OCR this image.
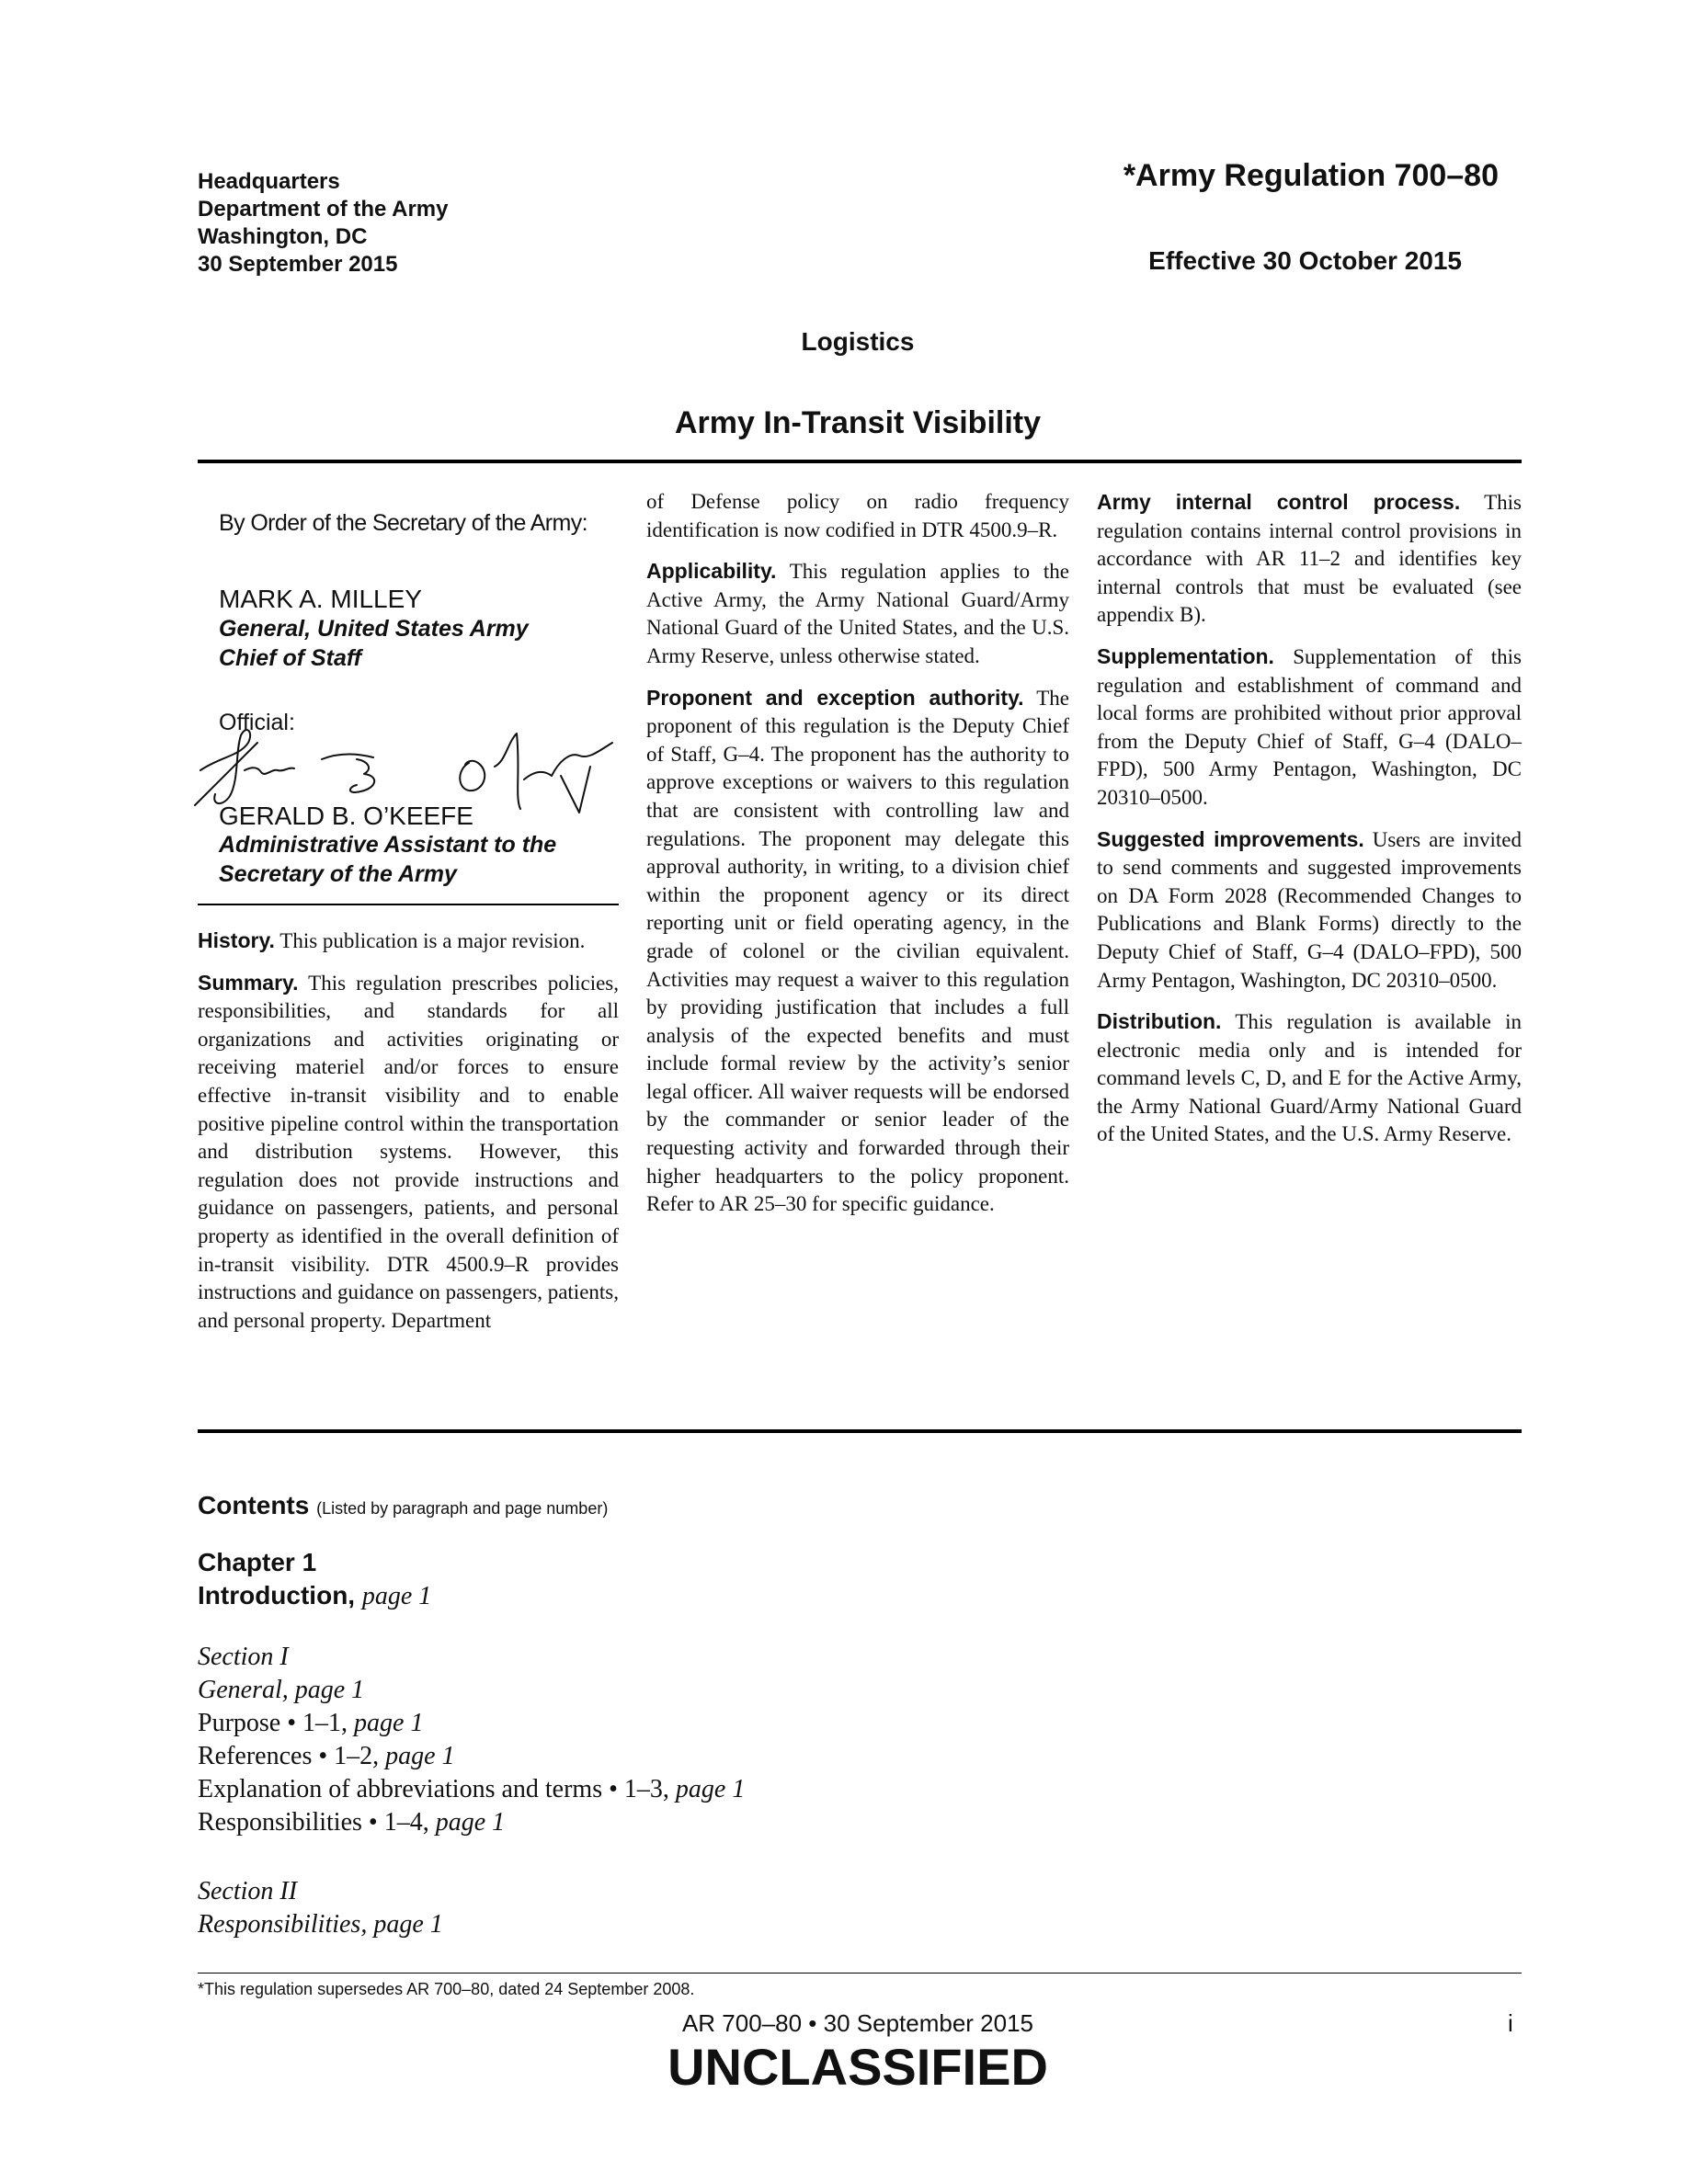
Headquarters
Department of the Army
Washington, DC
30 September 2015
*Army Regulation 700–80
Effective 30 October 2015
Logistics
Army In-Transit Visibility
By Order of the Secretary of the Army:
MARK A. MILLEY
General, United States Army
Chief of Staff
Official:
GERALD B. O’KEEFE
Administrative Assistant to the
Secretary of the Army

History. This publication is a major revision.

Summary. This regulation prescribes policies, responsibilities, and standards for all organizations and activities originating or receiving materiel and/or forces to ensure effective in-transit visibility and to enable positive pipeline control within the transportation and distribution systems. However, this regulation does not provide instructions and guidance on passengers, patients, and personal property as identified in the overall definition of in-transit visibility. DTR 4500.9–R provides instructions and guidance on passengers, patients, and personal property. Department

of Defense policy on radio frequency identification is now codified in DTR 4500.9–R.

Applicability. This regulation applies to the Active Army, the Army National Guard/Army National Guard of the United States, and the U.S. Army Reserve, unless otherwise stated.

Proponent and exception authority. The proponent of this regulation is the Deputy Chief of Staff, G–4. The proponent has the authority to approve exceptions or waivers to this regulation that are consistent with controlling law and regulations. The proponent may delegate this approval authority, in writing, to a division chief within the proponent agency or its direct reporting unit or field operating agency, in the grade of colonel or the civilian equivalent. Activities may request a waiver to this regulation by providing justification that includes a full analysis of the expected benefits and must include formal review by the activity’s senior legal officer. All waiver requests will be endorsed by the commander or senior leader of the requesting activity and forwarded through their higher headquarters to the policy proponent. Refer to AR 25–30 for specific guidance.

Army internal control process. This regulation contains internal control provisions in accordance with AR 11–2 and identifies key internal controls that must be evaluated (see appendix B).

Supplementation. Supplementation of this regulation and establishment of command and local forms are prohibited without prior approval from the Deputy Chief of Staff, G–4 (DALO–FPD), 500 Army Pentagon, Washington, DC 20310–0500.

Suggested improvements. Users are invited to send comments and suggested improvements on DA Form 2028 (Recommended Changes to Publications and Blank Forms) directly to the Deputy Chief of Staff, G–4 (DALO–FPD), 500 Army Pentagon, Washington, DC 20310–0500.

Distribution. This regulation is available in electronic media only and is intended for command levels C, D, and E for the Active Army, the Army National Guard/Army National Guard of the United States, and the U.S. Army Reserve.

Contents (Listed by paragraph and page number)
Chapter 1
Introduction, page 1
Section I
General, page 1
Purpose • 1–1, page 1
References • 1–2, page 1
Explanation of abbreviations and terms • 1–3, page 1
Responsibilities • 1–4, page 1
Section II
Responsibilities, page 1
*This regulation supersedes AR 700–80, dated 24 September 2008.
AR 700–80 • 30 September 2015	i
UNCLASSIFIED
